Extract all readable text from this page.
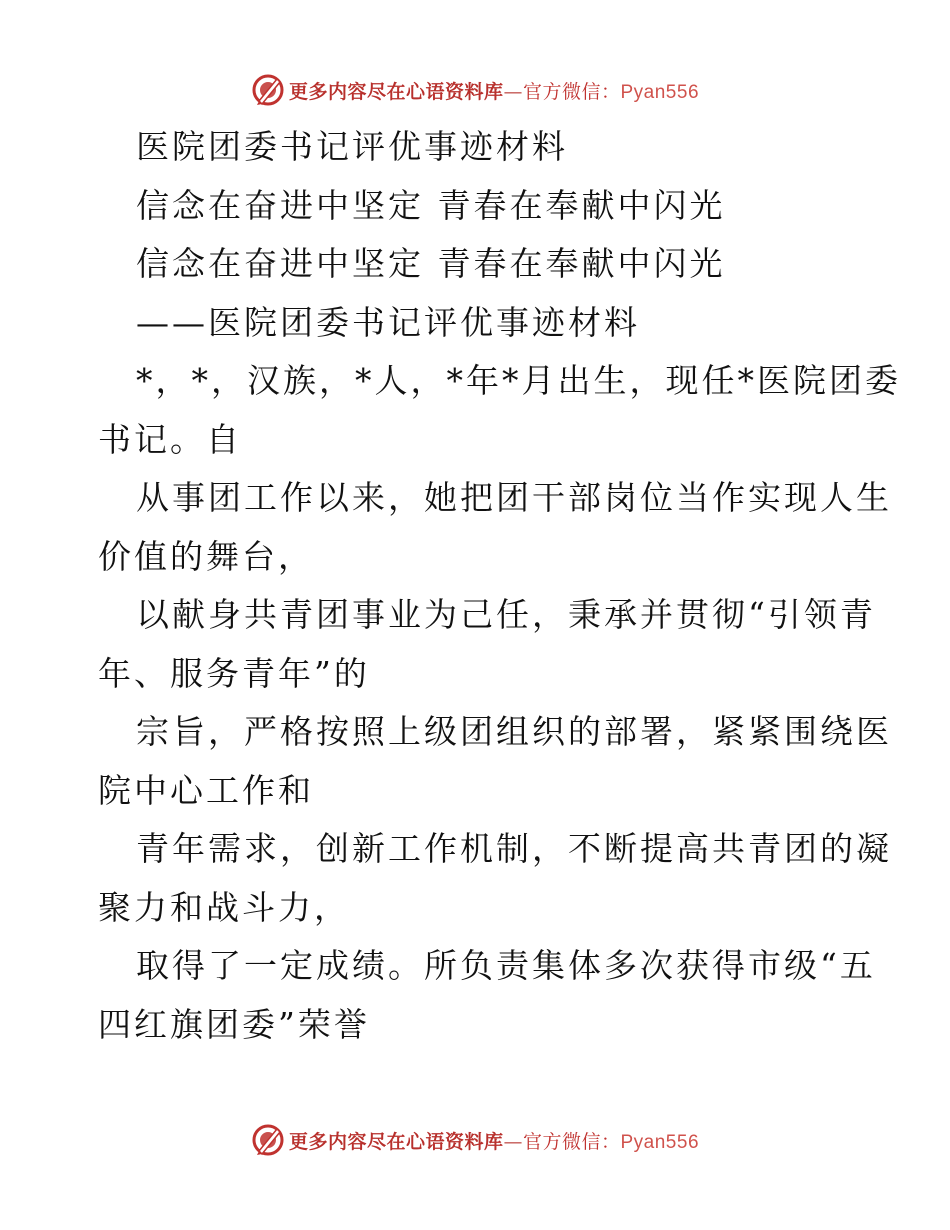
更多内容尽在心语资料库—官方微信：Pyan556
医院团委书记评优事迹材料
信念在奋进中坚定 青春在奉献中闪光
信念在奋进中坚定 青春在奉献中闪光
——医院团委书记评优事迹材料
*，*，汉族，*人，*年*月出生，现任*医院团委
书记。自
从事团工作以来，她把团干部岗位当作实现人生
价值的舞台，
以献身共青团事业为己任，秉承并贯彻“引领青
年、服务青年”的
宗旨，严格按照上级团组织的部署，紧紧围绕医
院中心工作和
青年需求，创新工作机制，不断提高共青团的凝
聚力和战斗力，
取得了一定成绩。所负责集体多次获得市级“五
四红旗团委”荣誉
更多内容尽在心语资料库—官方微信：Pyan556
